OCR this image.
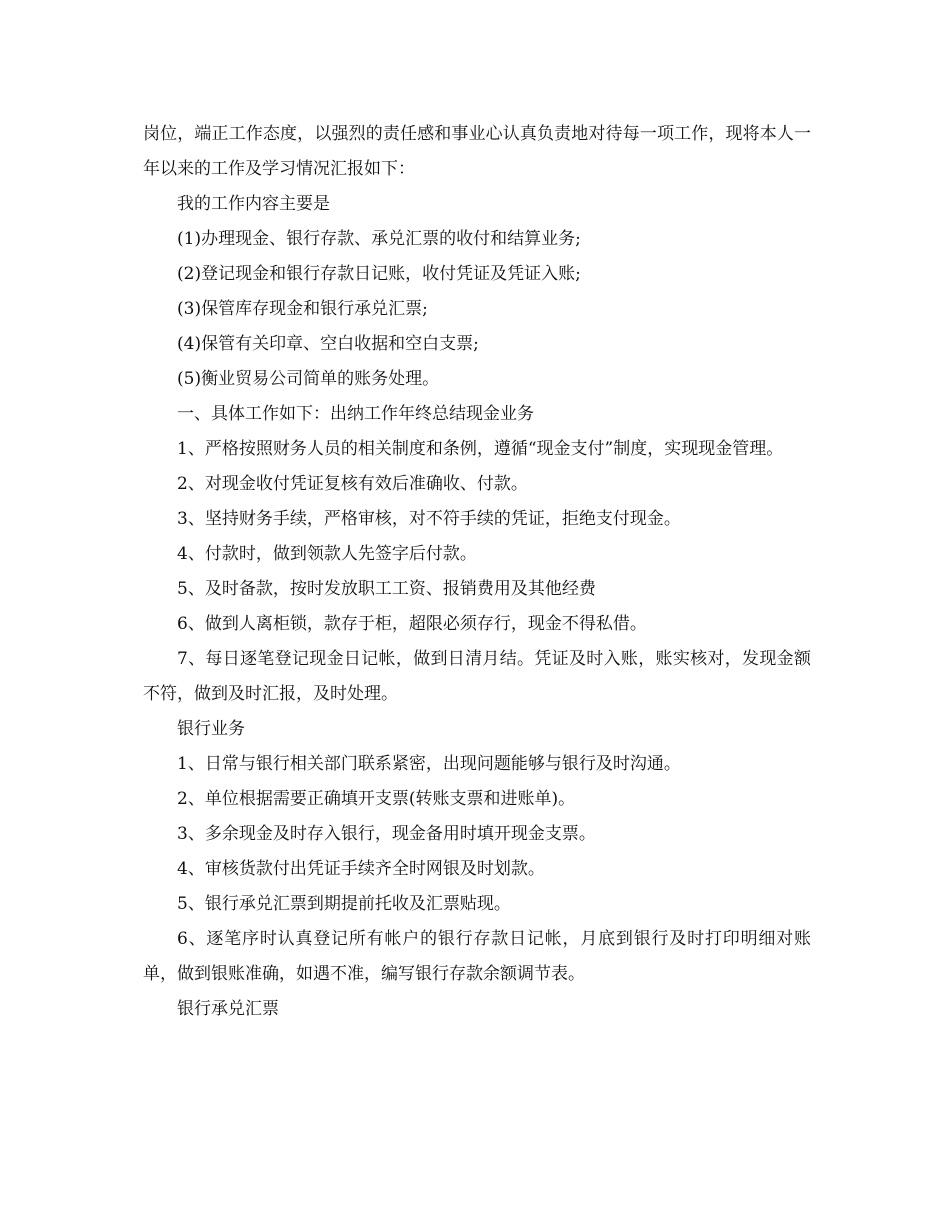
岗位，端正工作态度，以强烈的责任感和事业心认真负责地对待每一项工作，现将本人一年以来的工作及学习情况汇报如下：

我的工作内容主要是

(1)办理现金、银行存款、承兑汇票的收付和结算业务;

(2)登记现金和银行存款日记账，收付凭证及凭证入账;

(3)保管库存现金和银行承兑汇票;

(4)保管有关印章、空白收据和空白支票;

(5)衡业贸易公司简单的账务处理。

一、具体工作如下：出纳工作年终总结现金业务

1、严格按照财务人员的相关制度和条例，遵循“现金支付”制度，实现现金管理。

2、对现金收付凭证复核有效后准确收、付款。

3、坚持财务手续，严格审核，对不符手续的凭证，拒绝支付现金。

4、付款时，做到领款人先签字后付款。

5、及时备款，按时发放职工工资、报销费用及其他经费

6、做到人离柜锁，款存于柜，超限必须存行，现金不得私借。

7、每日逐笔登记现金日记帐，做到日清月结。凭证及时入账，账实核对，发现金额不符，做到及时汇报，及时处理。

银行业务

1、日常与银行相关部门联系紧密，出现问题能够与银行及时沟通。

2、单位根据需要正确填开支票(转账支票和进账单)。

3、多余现金及时存入银行，现金备用时填开现金支票。

4、审核货款付出凭证手续齐全时网银及时划款。

5、银行承兑汇票到期提前托收及汇票贴现。

6、逐笔序时认真登记所有帐户的银行存款日记帐，月底到银行及时打印明细对账单，做到银账准确，如遇不准，编写银行存款余额调节表。

银行承兑汇票
